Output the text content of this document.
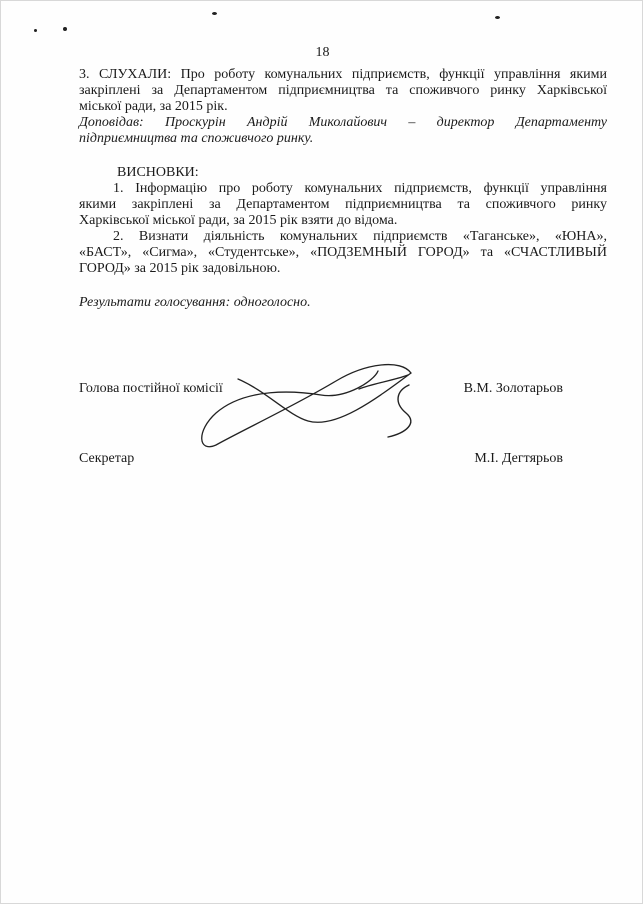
18

3. СЛУХАЛИ: Про роботу комунальних підприємств, функції управління якими

закріплені за Департаментом підприємництва та споживчого ринку Харківської

міської ради, за 2015 рік.

Доповідав: Проскурін Андрій Миколайович – директор Департаменту

підприємництва та споживчого ринку.

ВИСНОВКИ:

1. Інформацію про роботу комунальних підприємств, функції управління

якими закріплені за Департаментом підприємництва та споживчого ринку

Харківської міської ради, за 2015 рік взяти до відома.

2. Визнати діяльність комунальних підприємств «Таганське», «ЮНА»,

«БАСТ», «Сигма», «Студентське», «ПОДЗЕМНЫЙ ГОРОД» та «СЧАСТЛИВЫЙ

ГОРОД» за 2015 рік задовільною.

Результати голосування: одноголосно.

Голова постійної комісії	В.М. Золотарьов
Секретар	М.І. Дегтярьов
